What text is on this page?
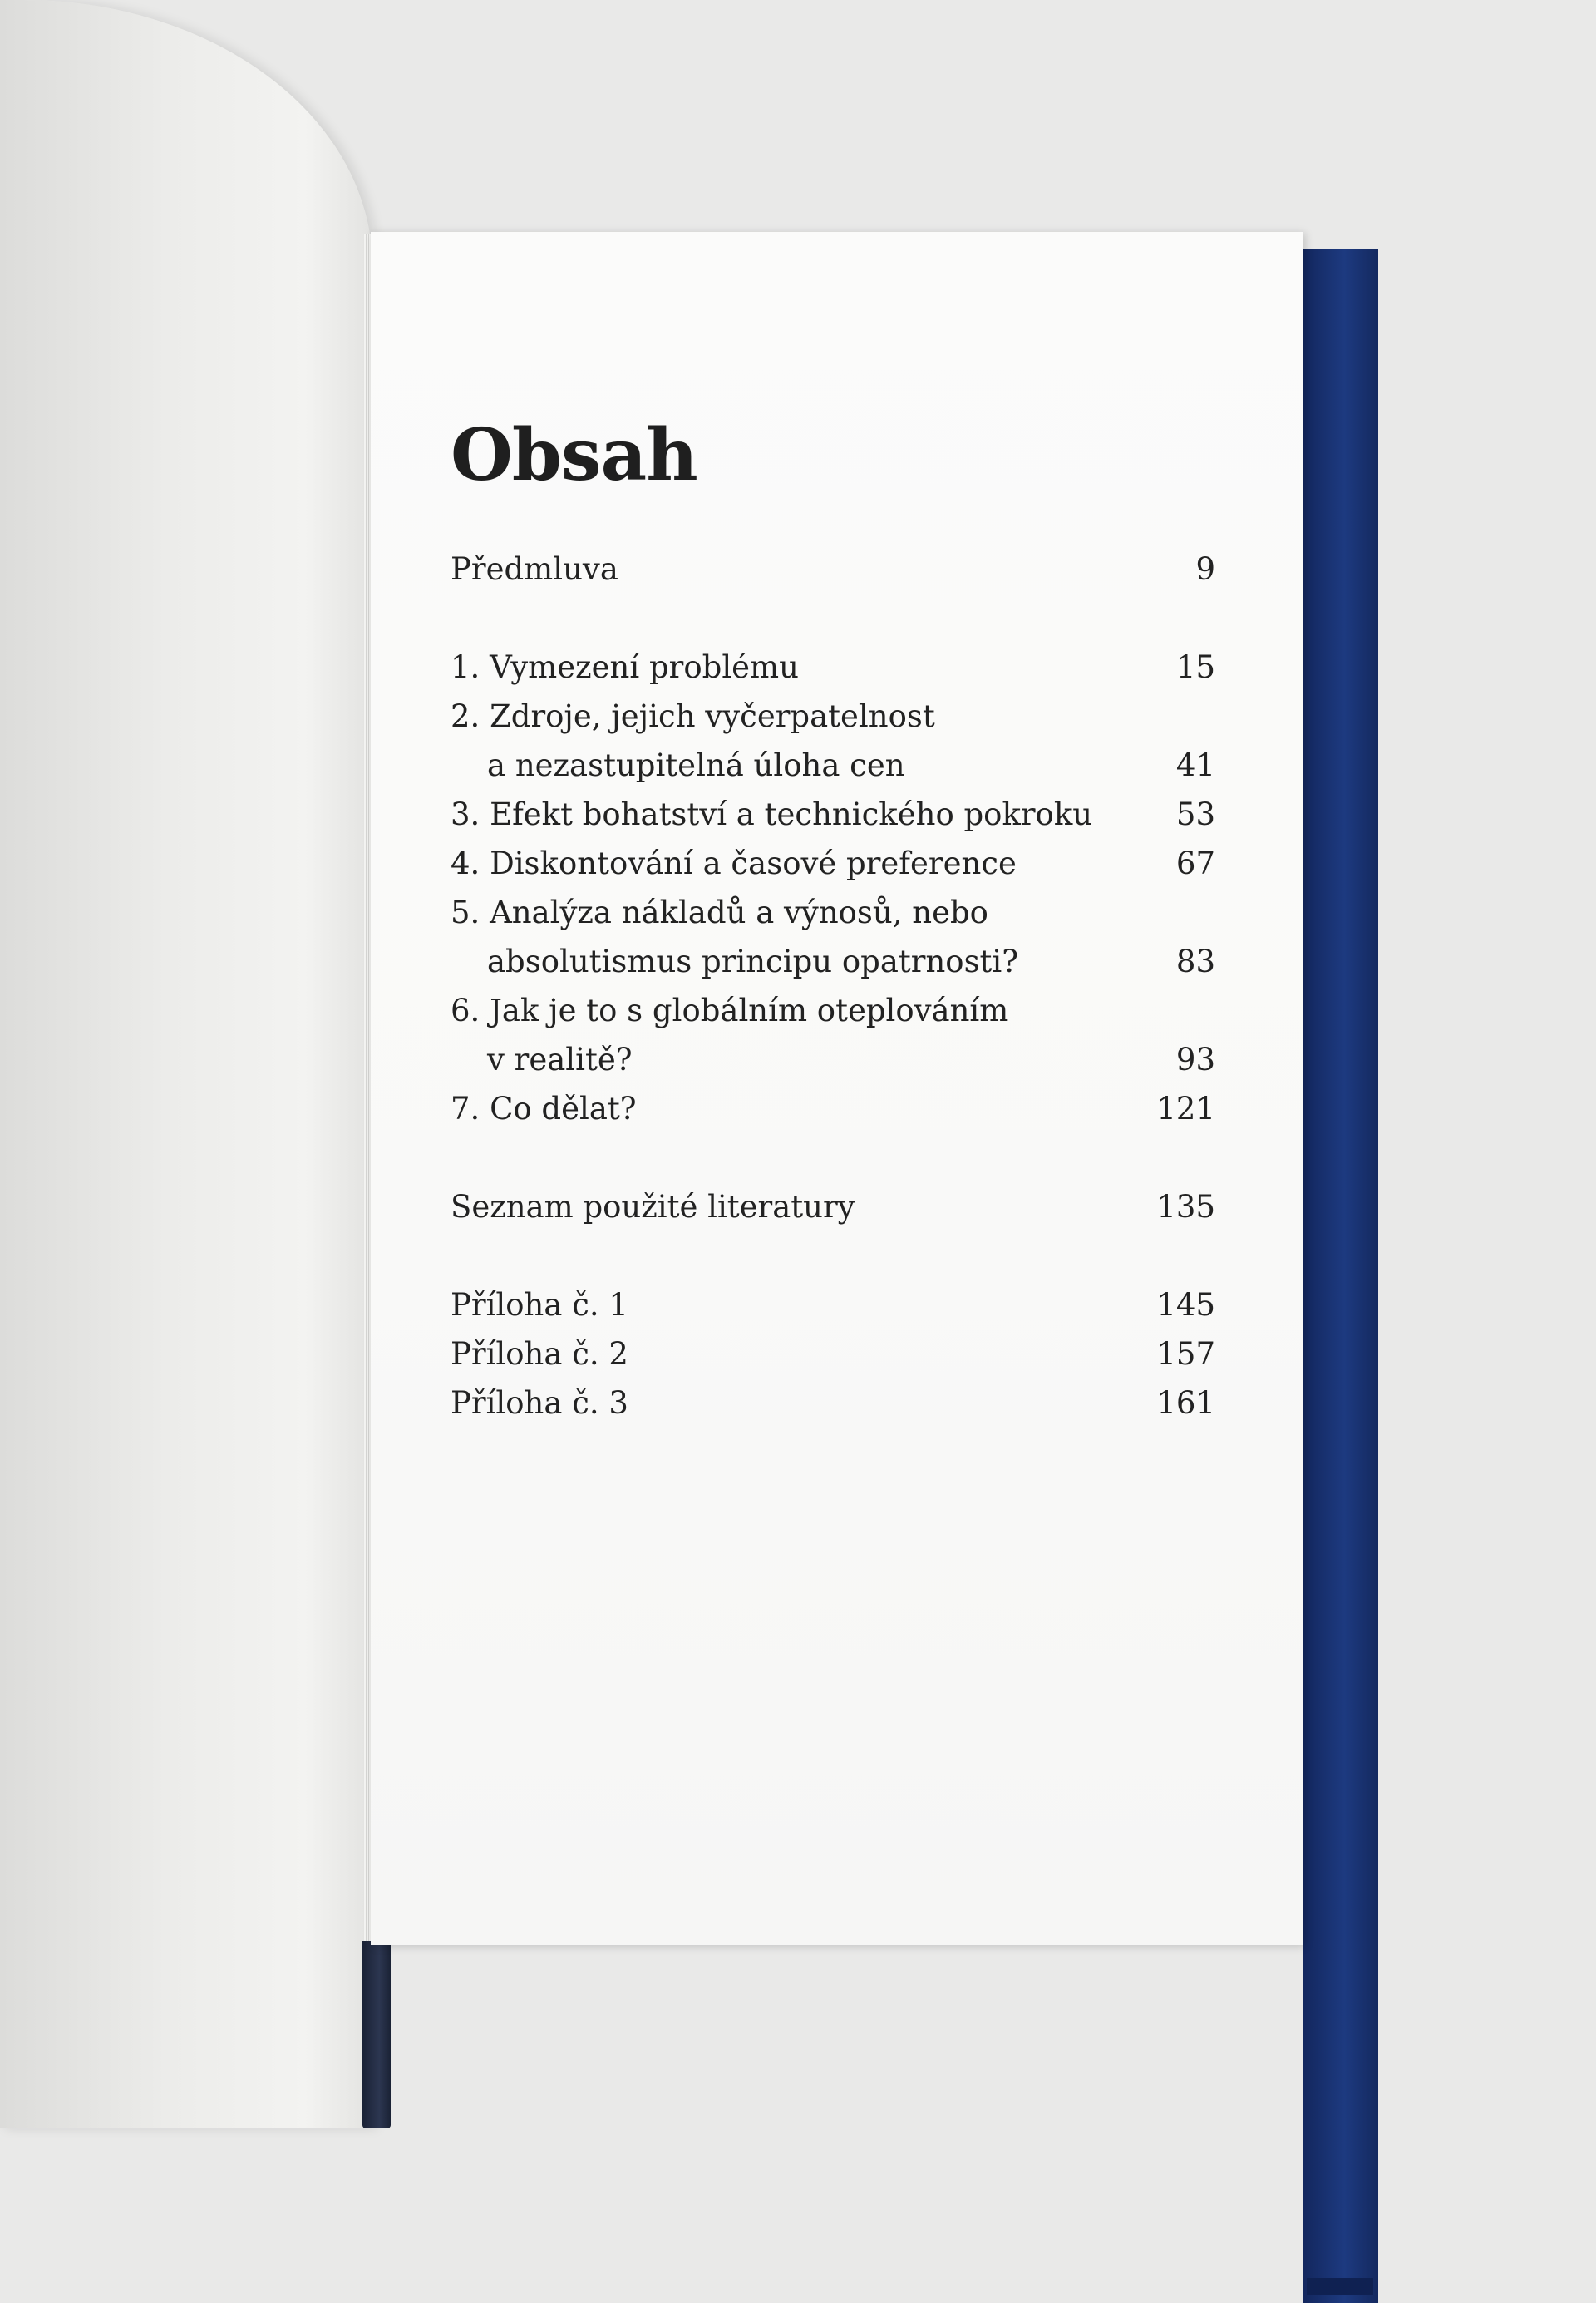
Obsah
Předmluva	9
1. Vymezení problému	15
2. Zdroje, jejich vyčerpatelnost
a nezastupitelná úloha cen	41
3. Efekt bohatství a technického pokroku	53
4. Diskontování a časové preference	67
5. Analýza nákladů a výnosů, nebo
absolutismus principu opatrnosti?	83
6. Jak je to s globálním oteplováním
v realitě?	93
7. Co dělat?	121
Seznam použité literatury	135
Příloha č. 1	145
Příloha č. 2	157
Příloha č. 3	161
